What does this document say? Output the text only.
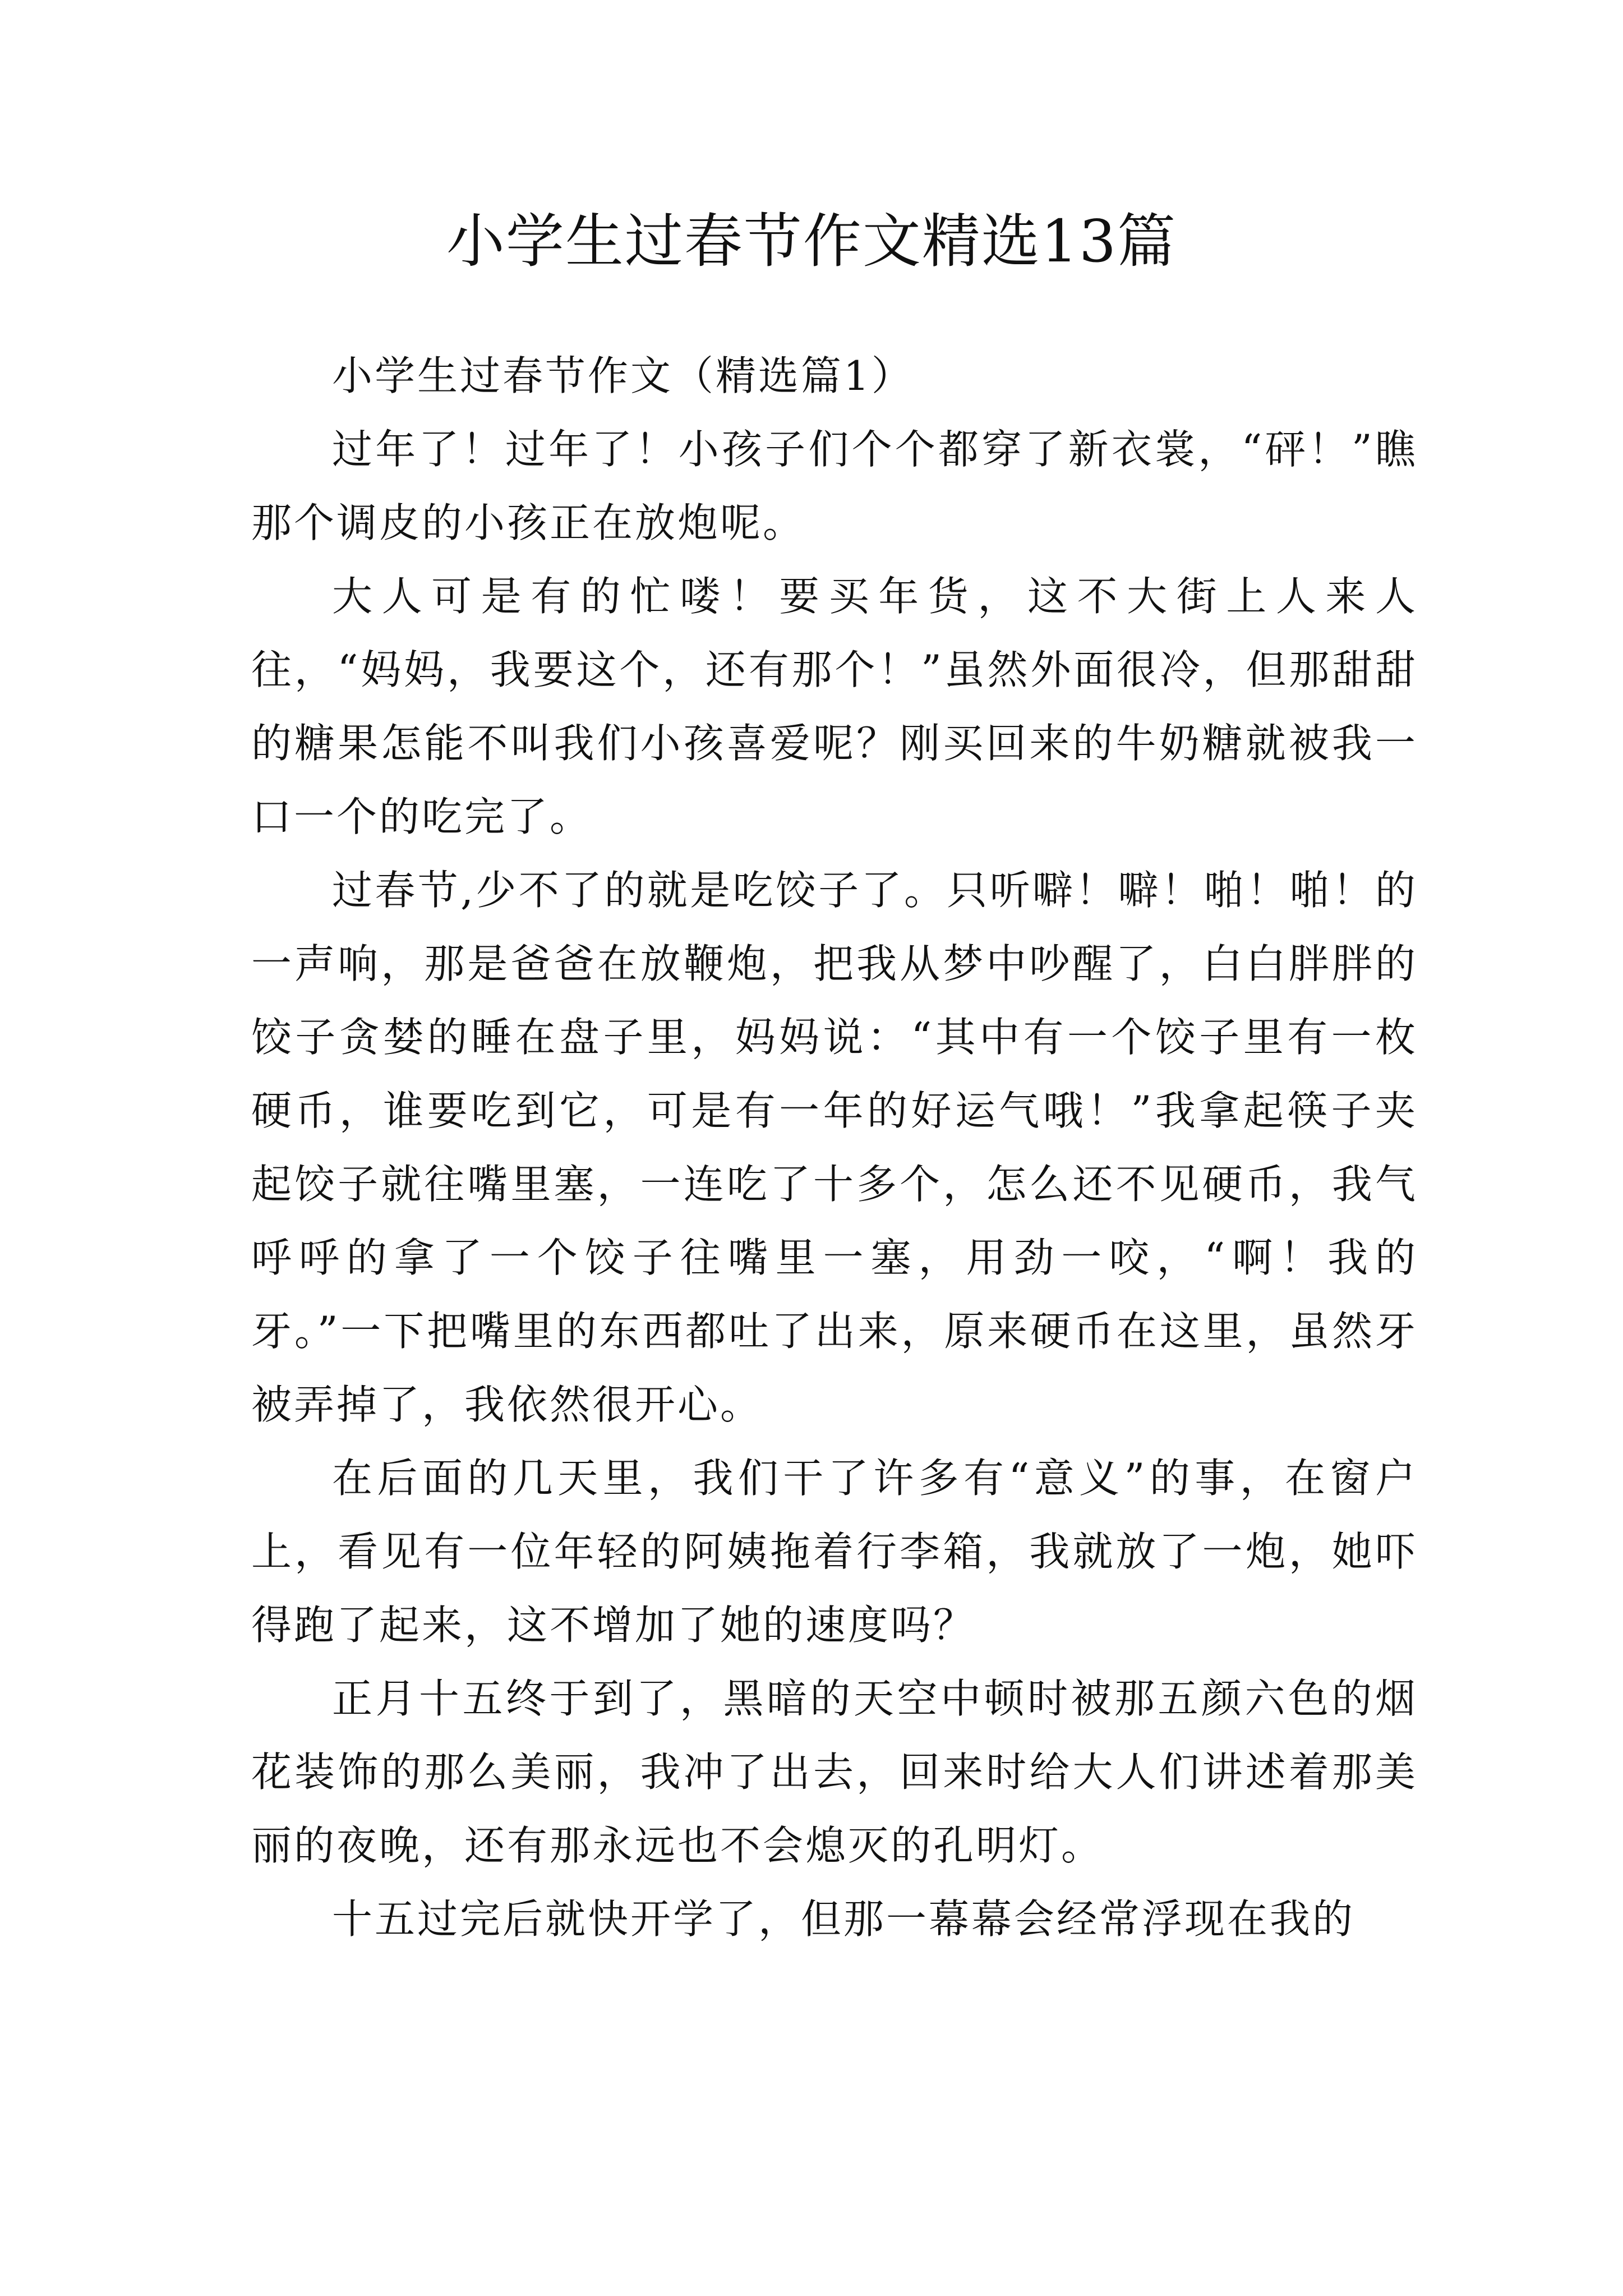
小学生过春节作文精选13篇

小学生过春节作文（精选篇1）

过年了！过年了！小孩子们个个都穿了新衣裳，“砰！”瞧那个调皮的小孩正在放炮呢。

大人可是有的忙喽！要买年货，这不大街上人来人往，“妈妈，我要这个，还有那个！”虽然外面很冷，但那甜甜的糖果怎能不叫我们小孩喜爱呢？刚买回来的牛奶糖就被我一口一个的吃完了。

过春节,少不了的就是吃饺子了。只听噼！噼！啪！啪！的一声响，那是爸爸在放鞭炮，把我从梦中吵醒了，白白胖胖的饺子贪婪的睡在盘子里，妈妈说：“其中有一个饺子里有一枚硬币，谁要吃到它，可是有一年的好运气哦！”我拿起筷子夹起饺子就往嘴里塞，一连吃了十多个，怎么还不见硬币，我气呼呼的拿了一个饺子往嘴里一塞，用劲一咬，“啊！我的牙。”一下把嘴里的东西都吐了出来，原来硬币在这里，虽然牙被弄掉了，我依然很开心。

在后面的几天里，我们干了许多有“意义”的事，在窗户上，看见有一位年轻的阿姨拖着行李箱，我就放了一炮，她吓得跑了起来，这不增加了她的速度吗？

正月十五终于到了，黑暗的天空中顿时被那五颜六色的烟花装饰的那么美丽，我冲了出去，回来时给大人们讲述着那美丽的夜晚，还有那永远也不会熄灭的孔明灯。

十五过完后就快开学了，但那一幕幕会经常浮现在我的
